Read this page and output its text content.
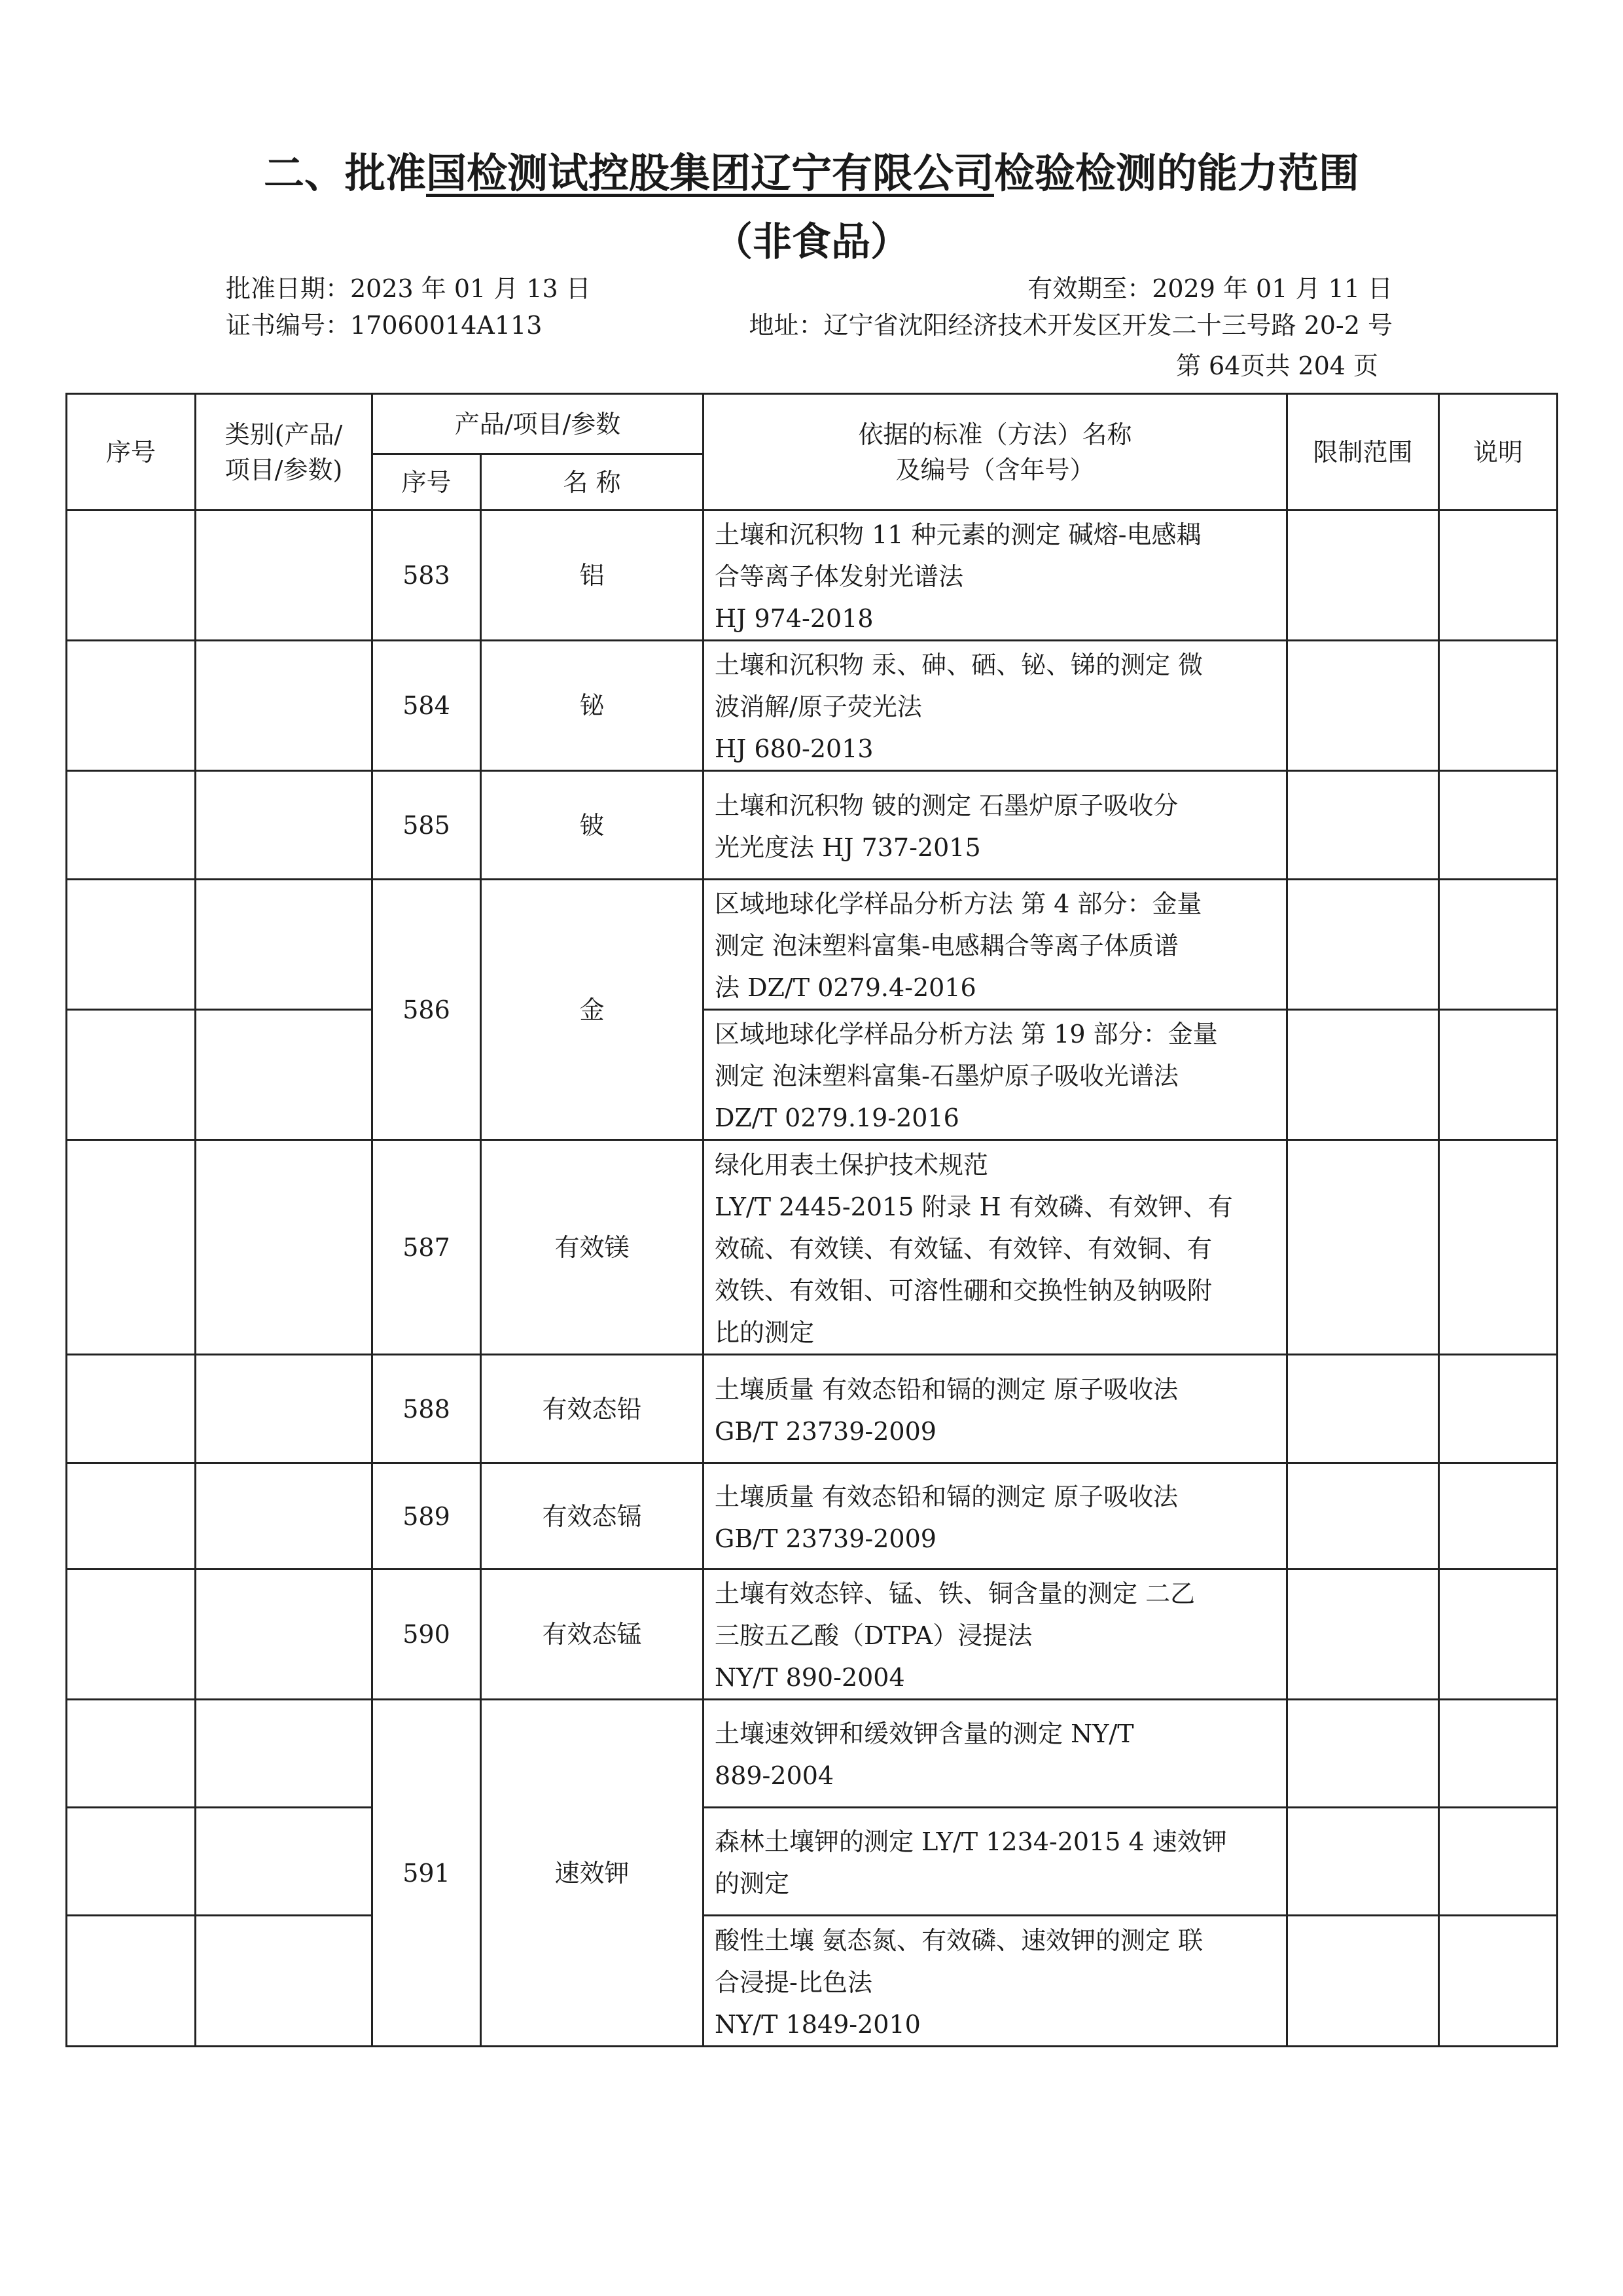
二、批准国检测试控股集团辽宁有限公司检验检测的能力范围
（非食品）
批准日期：2023 年 01 月 13 日	有效期至：2029 年 01 月 11 日
证书编号：17060014A113	地址：辽宁省沈阳经济技术开发区开发二十三号路 20-2 号
第 64页共 204 页
序号	类别(产品/
项目/参数)	产品/项目/参数		依据的标准（方法）名称
及编号（含年号）	限制范围	说明
		序号	名 称			
		583	铝	土壤和沉积物 11 种元素的测定 碱熔-电感耦
合等离子体发射光谱法
HJ 974-2018		

		584	铋	土壤和沉积物 汞、砷、硒、铋、锑的测定 微
波消解/原子荧光法
HJ 680-2013		

		585	铍	土壤和沉积物 铍的测定 石墨炉原子吸收分
光光度法 HJ 737-2015		

		586	金	区域地球化学样品分析方法 第 4 部分：金量
测定 泡沫塑料富集-电感耦合等离子体质谱
法 DZ/T 0279.4-2016		

				区域地球化学样品分析方法 第 19 部分：金量
测定 泡沫塑料富集-石墨炉原子吸收光谱法
DZ/T 0279.19-2016		

		587	有效镁	绿化用表土保护技术规范
LY/T 2445-2015 附录 H 有效磷、有效钾、有
效硫、有效镁、有效锰、有效锌、有效铜、有
效铁、有效钼、可溶性硼和交换性钠及钠吸附
比的测定		

		588	有效态铅	土壤质量 有效态铅和镉的测定 原子吸收法
GB/T 23739-2009		

		589	有效态镉	土壤质量 有效态铅和镉的测定 原子吸收法
GB/T 23739-2009		

		590	有效态锰	土壤有效态锌、锰、铁、铜含量的测定 二乙
三胺五乙酸（DTPA）浸提法
NY/T 890-2004		

		591	速效钾	土壤速效钾和缓效钾含量的测定 NY/T
889-2004		

				森林土壤钾的测定 LY/T 1234-2015 4 速效钾
的测定		

				酸性土壤 氨态氮、有效磷、速效钾的测定 联
合浸提-比色法
NY/T 1849-2010		
